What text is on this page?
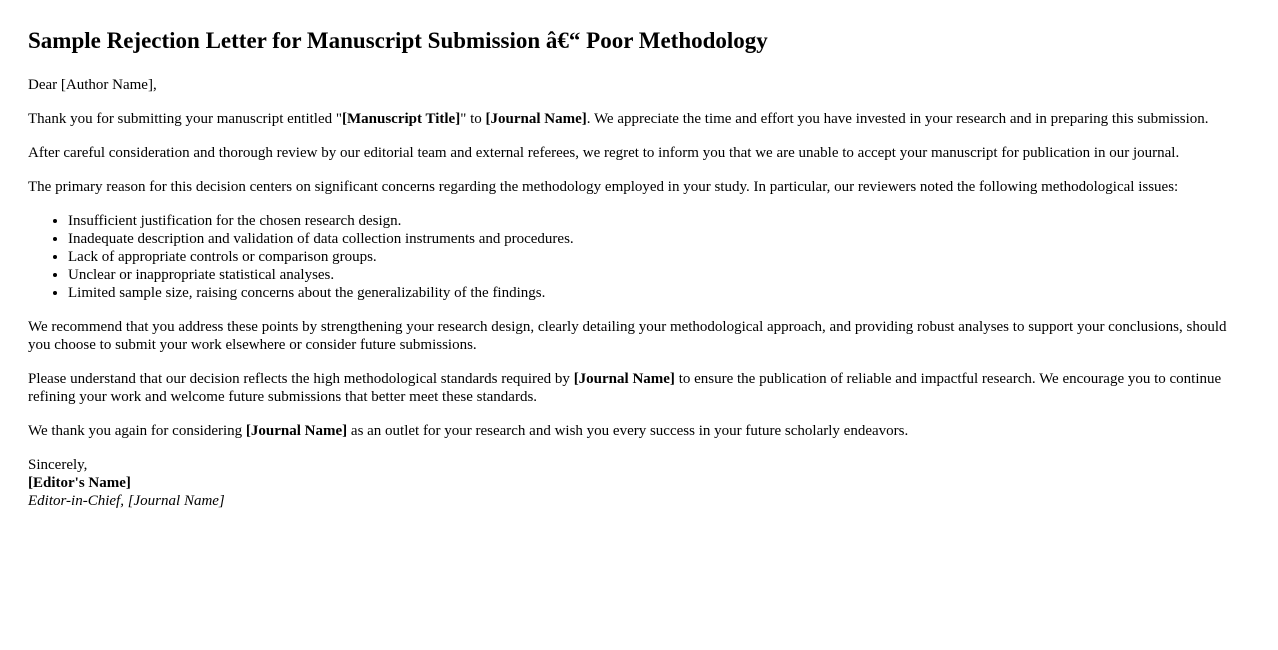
Sample Rejection Letter for Manuscript Submission â€“ Poor Methodology

Dear [Author Name],

Thank you for submitting your manuscript entitled "[Manuscript Title]" to [Journal Name]. We appreciate the time and effort you have invested in your research and in preparing this submission.

After careful consideration and thorough review by our editorial team and external referees, we regret to inform you that we are unable to accept your manuscript for publication in our journal.

The primary reason for this decision centers on significant concerns regarding the methodology employed in your study. In particular, our reviewers noted the following methodological issues:

• Insufficient justification for the chosen research design.
• Inadequate description and validation of data collection instruments and procedures.
• Lack of appropriate controls or comparison groups.
• Unclear or inappropriate statistical analyses.
• Limited sample size, raising concerns about the generalizability of the findings.

We recommend that you address these points by strengthening your research design, clearly detailing your methodological approach, and providing robust analyses to support your conclusions, should you choose to submit your work elsewhere or consider future submissions.

Please understand that our decision reflects the high methodological standards required by [Journal Name] to ensure the publication of reliable and impactful research. We encourage you to continue refining your work and welcome future submissions that better meet these standards.

We thank you again for considering [Journal Name] as an outlet for your research and wish you every success in your future scholarly endeavors.

Sincerely,
[Editor's Name]
Editor-in-Chief, [Journal Name]
